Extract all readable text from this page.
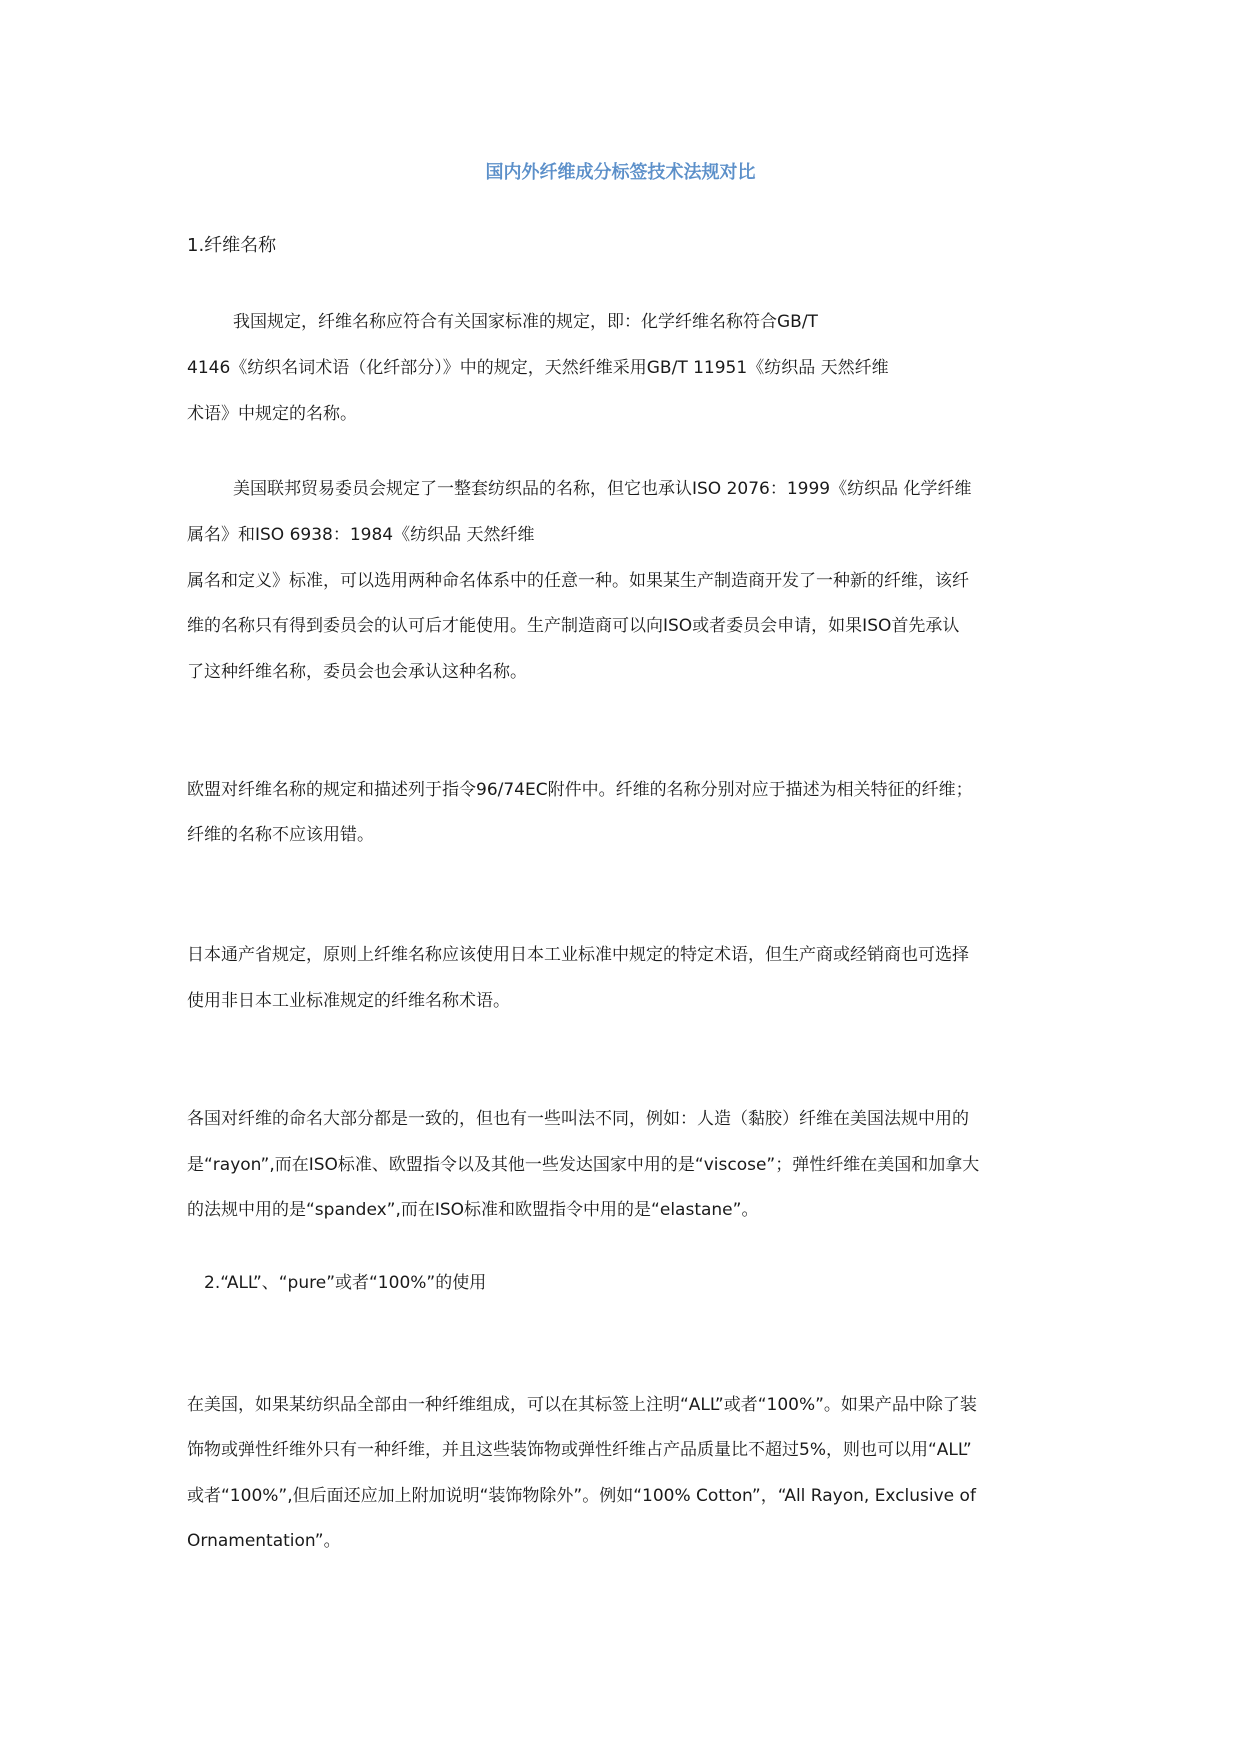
国内外纤维成分标签技术法规对比
1.纤维名称
我国规定，纤维名称应符合有关国家标准的规定，即：化学纤维名称符合GB/T
4146《纺织名词术语（化纤部分）》中的规定，天然纤维采用GB/T 11951《纺织品 天然纤维
术语》中规定的名称。
美国联邦贸易委员会规定了一整套纺织品的名称，但它也承认ISO 2076：1999《纺织品 化学纤维
属名》和ISO 6938：1984《纺织品 天然纤维
属名和定义》标准，可以选用两种命名体系中的任意一种。如果某生产制造商开发了一种新的纤维，该纤
维的名称只有得到委员会的认可后才能使用。生产制造商可以向ISO或者委员会申请，如果ISO首先承认
了这种纤维名称，委员会也会承认这种名称。
欧盟对纤维名称的规定和描述列于指令96/74EC附件中。纤维的名称分别对应于描述为相关特征的纤维；
纤维的名称不应该用错。
日本通产省规定，原则上纤维名称应该使用日本工业标准中规定的特定术语，但生产商或经销商也可选择
使用非日本工业标准规定的纤维名称术语。
各国对纤维的命名大部分都是一致的，但也有一些叫法不同，例如：人造（黏胶）纤维在美国法规中用的
是“rayon”,而在ISO标准、欧盟指令以及其他一些发达国家中用的是“viscose”；弹性纤维在美国和加拿大
的法规中用的是“spandex”,而在ISO标准和欧盟指令中用的是“elastane”。
2.“ALL”、“pure”或者“100%”的使用
在美国，如果某纺织品全部由一种纤维组成，可以在其标签上注明“ALL”或者“100%”。如果产品中除了装
饰物或弹性纤维外只有一种纤维，并且这些装饰物或弹性纤维占产品质量比不超过5%，则也可以用“ALL”
或者“100%”,但后面还应加上附加说明“装饰物除外”。例如“100% Cotton”，“All Rayon, Exclusive of
Ornamentation”。
